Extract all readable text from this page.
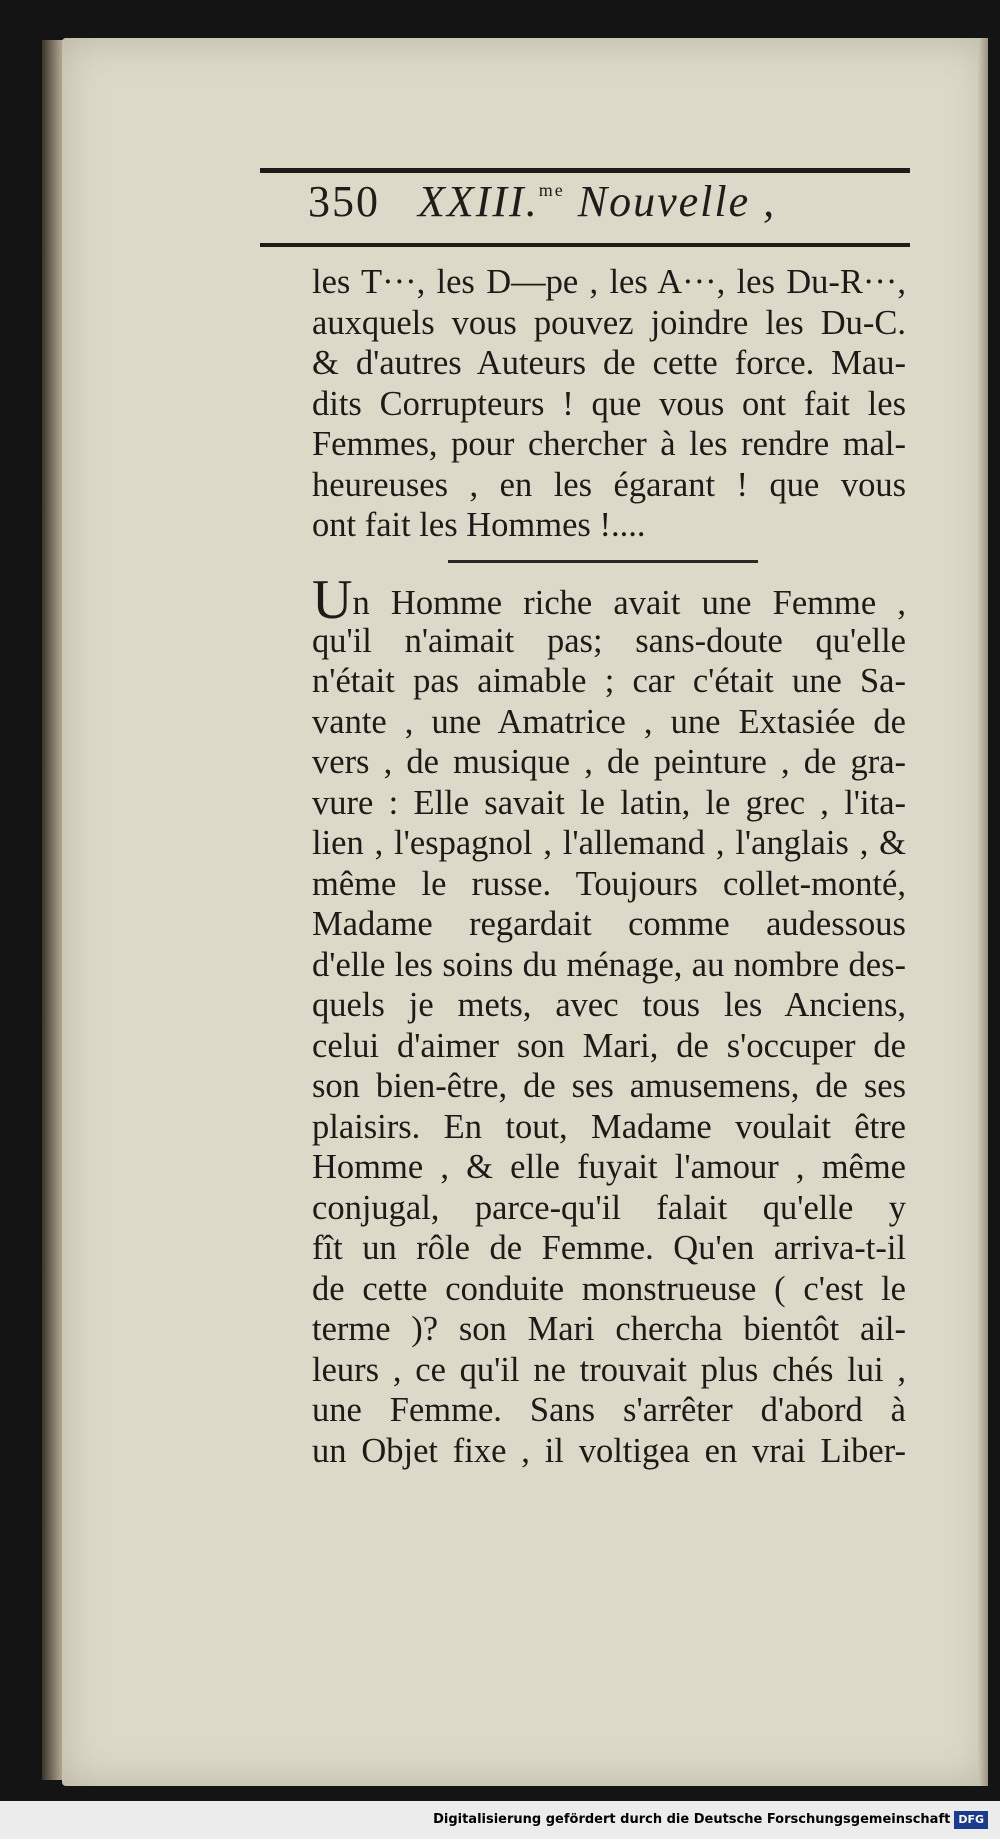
350 XXIII.$^{me}$ Nouvelle ,
les T···, les D—pe , les A···, les Du-R···,
auxquels vous pouvez joindre les Du-C.
& d'autres Auteurs de cette force. Mau-
dits Corrupteurs ! que vous ont fait les
Femmes, pour chercher à les rendre mal-
heureuses , en les égarant ! que vous
ont fait les Hommes !....
Un Homme riche avait une Femme ,
qu'il n'aimait pas; sans-doute qu'elle
n'était pas aimable ; car c'était une Sa-
vante , une Amatrice , une Extasiée de
vers , de musique , de peinture , de gra-
vure : Elle savait le latin, le grec , l'ita-
lien , l'espagnol , l'allemand , l'anglais , &
même le russe. Toujours collet-monté,
Madame regardait comme audessous
d'elle les soins du ménage, au nombre des-
quels je mets, avec tous les Anciens,
celui d'aimer son Mari, de s'occuper de
son bien-être, de ses amusemens, de ses
plaisirs. En tout, Madame voulait être
Homme , & elle fuyait l'amour , même
conjugal, parce-qu'il falait qu'elle y
fît un rôle de Femme. Qu'en arriva-t-il
de cette conduite monstrueuse ( c'est le
terme )? son Mari chercha bientôt ail-
leurs , ce qu'il ne trouvait plus chés lui ,
une Femme. Sans s'arrêter d'abord à
un Objet fixe , il voltigea en vrai Liber-
Digitalisierung gefördert durch die Deutsche Forschungsgemeinschaft DFG
